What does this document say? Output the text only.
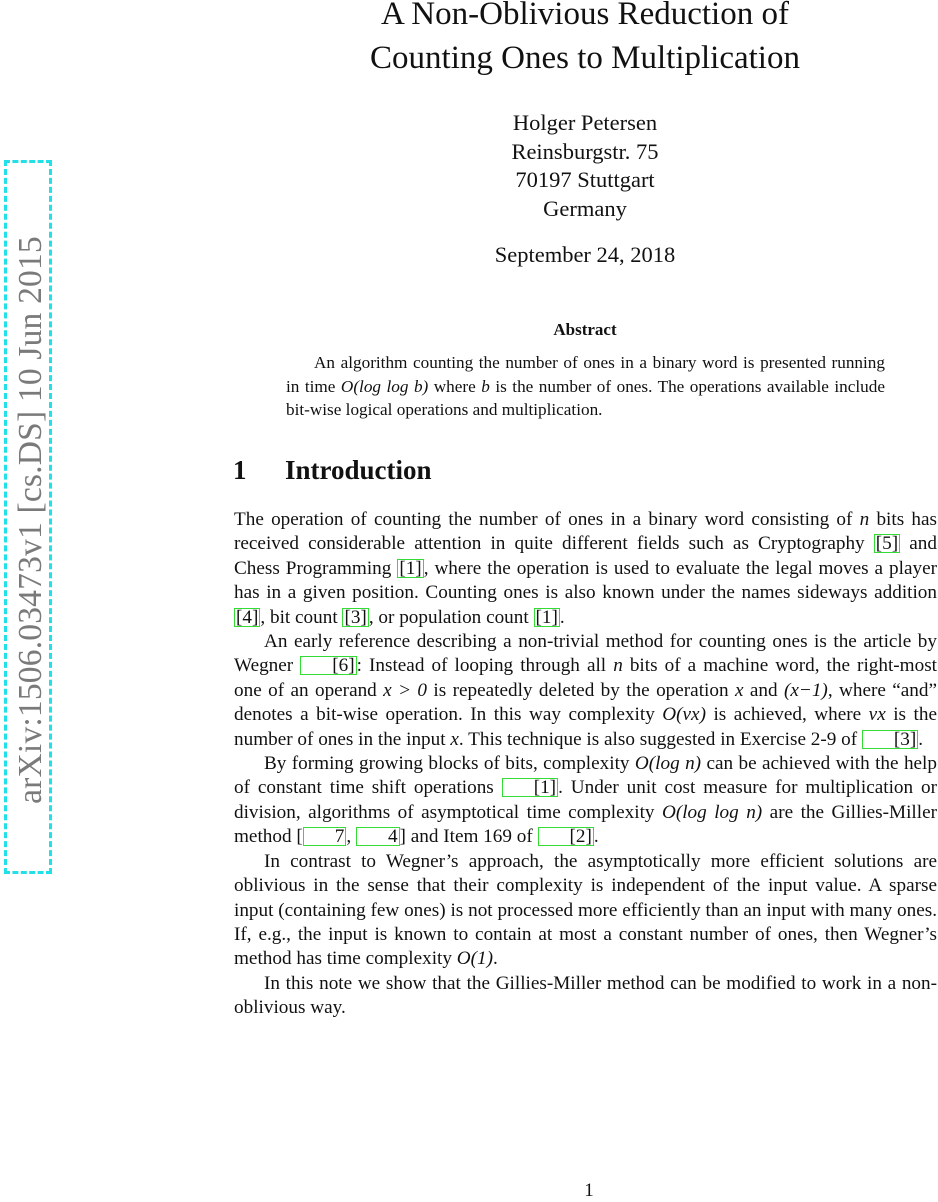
arXiv:1506.03473v1 [cs.DS] 10 Jun 2015
A Non-Oblivious Reduction of
Counting Ones to Multiplication
Holger Petersen
Reinsburgstr. 75
70197 Stuttgart
Germany
September 24, 2018
Abstract
An algorithm counting the number of ones in a binary word is presented running in time O(log log b) where b is the number of ones. The operations available include bit-wise logical operations and multiplication.
1 Introduction

The operation of counting the number of ones in a binary word consisting of n bits has received considerable attention in quite different fields such as Cryptography [5] and Chess Programming [1] , where the operation is used to evaluate the legal moves a player has in a given position. Counting ones is also known under the names sideways addition [4] , bit count [3] , or population count [1] .

An early reference describing a non-trivial method for counting ones is the article by Wegner [6] : Instead of looping through all n bits of a machine word, the right-most one of an operand x > 0 is repeatedly deleted by the operation x and (x−1), where “and” denotes a bit-wise operation. In this way complexity O(νx) is achieved, where νx is the number of ones in the input x. This technique is also suggested in Exercise 2-9 of [3] .

By forming growing blocks of bits, complexity O(log n) can be achieved with the help of constant time shift operations [1] . Under unit cost measure for multiplication or division, algorithms of asymptotical time complexity O(log log n) are the Gillies-Miller method [ 7 , 4 ] and Item 169 of [2] .

In contrast to Wegner’s approach, the asymptotically more efficient solutions are oblivious in the sense that their complexity is independent of the input value. A sparse input (containing few ones) is not processed more efficiently than an input with many ones. If, e.g., the input is known to contain at most a constant number of ones, then Wegner’s method has time complexity O(1).

In this note we show that the Gillies-Miller method can be modified to work in a non-oblivious way.

1
